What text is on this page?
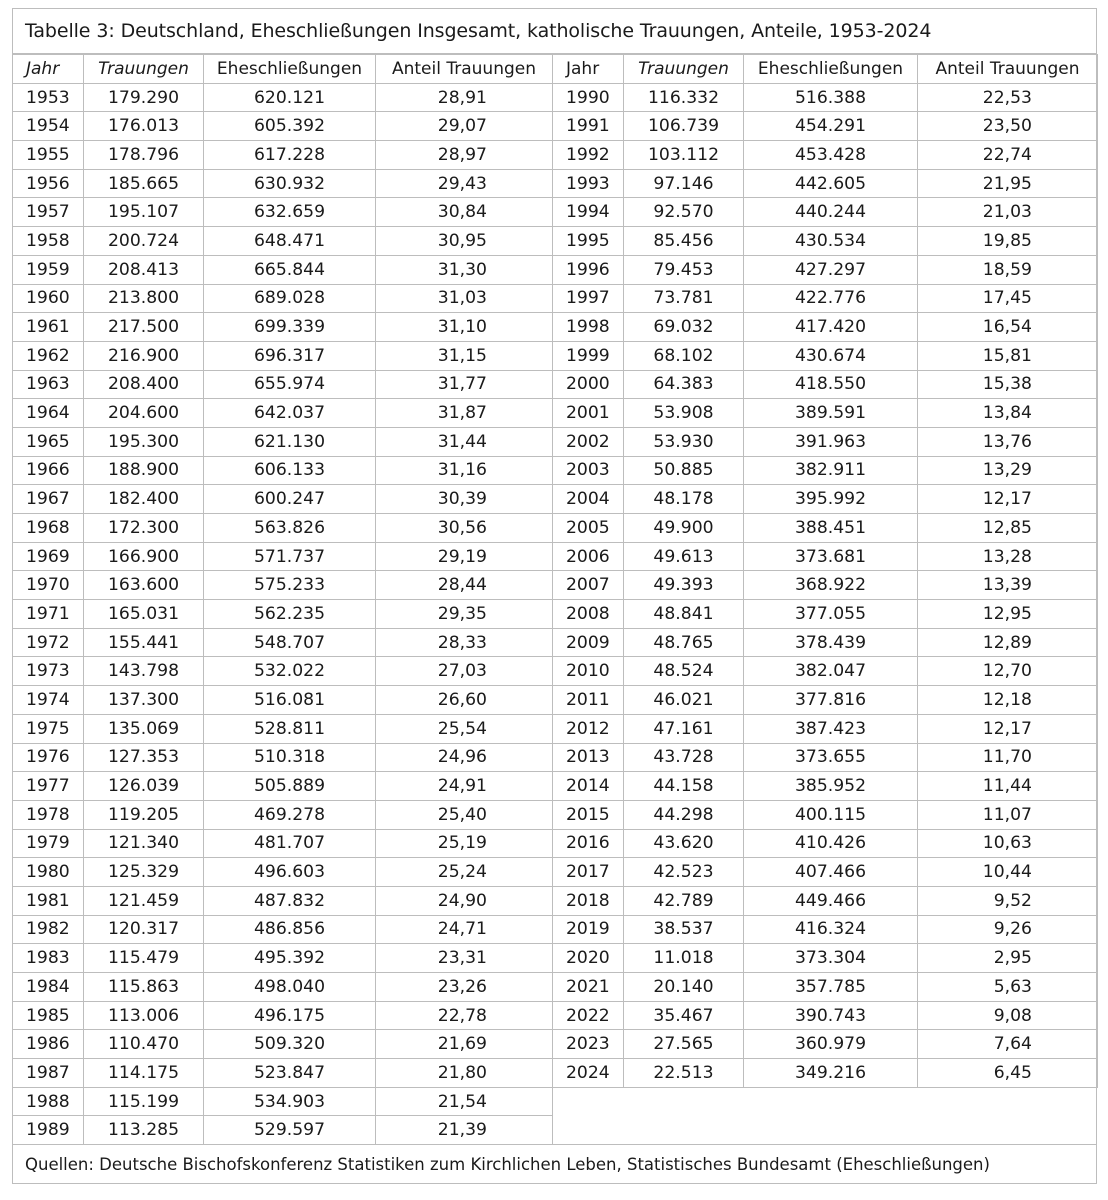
Tabelle 3: Deutschland, Eheschließungen Insgesamt, katholische Trauungen, Anteile, 1953-2024
Jahr	Trauungen	Eheschließungen	Anteil Trauungen	Jahr	Trauungen	Eheschließungen	Anteil Trauungen
1953	179.290	620.121	28,91	1990	116.332	516.388	22,53
1954	176.013	605.392	29,07	1991	106.739	454.291	23,50
1955	178.796	617.228	28,97	1992	103.112	453.428	22,74
1956	185.665	630.932	29,43	1993	97.146	442.605	21,95
1957	195.107	632.659	30,84	1994	92.570	440.244	21,03
1958	200.724	648.471	30,95	1995	85.456	430.534	19,85
1959	208.413	665.844	31,30	1996	79.453	427.297	18,59
1960	213.800	689.028	31,03	1997	73.781	422.776	17,45
1961	217.500	699.339	31,10	1998	69.032	417.420	16,54
1962	216.900	696.317	31,15	1999	68.102	430.674	15,81
1963	208.400	655.974	31,77	2000	64.383	418.550	15,38
1964	204.600	642.037	31,87	2001	53.908	389.591	13,84
1965	195.300	621.130	31,44	2002	53.930	391.963	13,76
1966	188.900	606.133	31,16	2003	50.885	382.911	13,29
1967	182.400	600.247	30,39	2004	48.178	395.992	12,17
1968	172.300	563.826	30,56	2005	49.900	388.451	12,85
1969	166.900	571.737	29,19	2006	49.613	373.681	13,28
1970	163.600	575.233	28,44	2007	49.393	368.922	13,39
1971	165.031	562.235	29,35	2008	48.841	377.055	12,95
1972	155.441	548.707	28,33	2009	48.765	378.439	12,89
1973	143.798	532.022	27,03	2010	48.524	382.047	12,70
1974	137.300	516.081	26,60	2011	46.021	377.816	12,18
1975	135.069	528.811	25,54	2012	47.161	387.423	12,17
1976	127.353	510.318	24,96	2013	43.728	373.655	11,70
1977	126.039	505.889	24,91	2014	44.158	385.952	11,44
1978	119.205	469.278	25,40	2015	44.298	400.115	11,07
1979	121.340	481.707	25,19	2016	43.620	410.426	10,63
1980	125.329	496.603	25,24	2017	42.523	407.466	10,44
1981	121.459	487.832	24,90	2018	42.789	449.466	9,52
1982	120.317	486.856	24,71	2019	38.537	416.324	9,26
1983	115.479	495.392	23,31	2020	11.018	373.304	2,95
1984	115.863	498.040	23,26	2021	20.140	357.785	5,63
1985	113.006	496.175	22,78	2022	35.467	390.743	9,08
1986	110.470	509.320	21,69	2023	27.565	360.979	7,64
1987	114.175	523.847	21,80	2024	22.513	349.216	6,45
1988	115.199	534.903	21,54				
1989	113.285	529.597	21,39				
Quellen: Deutsche Bischofskonferenz Statistiken zum Kirchlichen Leben, Statistisches Bundesamt (Eheschließungen)
